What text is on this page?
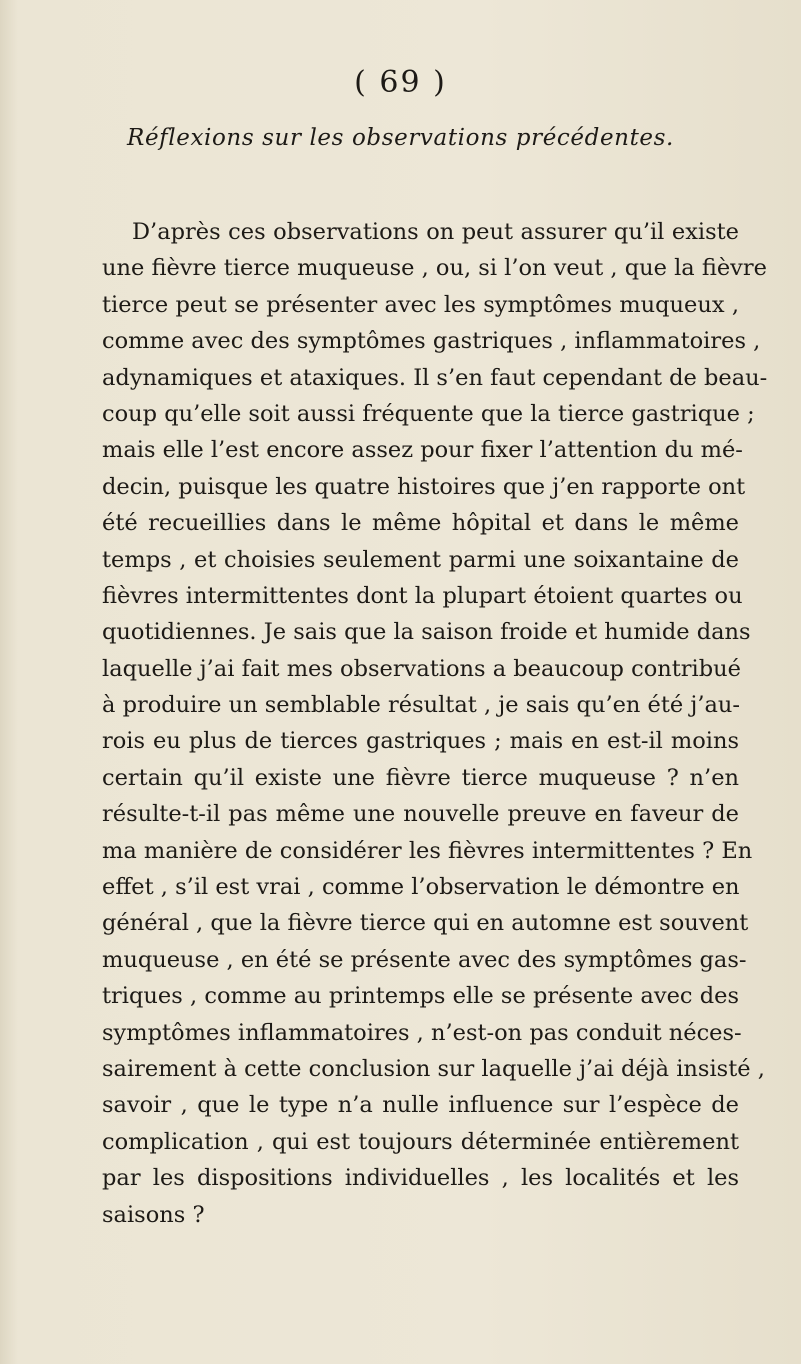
( 69 )
Réflexions sur les observations précédentes.
D’après ces observations on peut assurer qu’il existe
une fièvre tierce muqueuse , ou, si l’on veut , que la fièvre
tierce peut se présenter avec les symptômes muqueux ,
comme avec des symptômes gastriques , inflammatoires ,
adynamiques et ataxiques. Il s’en faut cependant de beau-
coup qu’elle soit aussi fréquente que la tierce gastrique ;
mais elle l’est encore assez pour fixer l’attention du mé-
decin, puisque les quatre histoires que j’en rapporte ont
été recueillies dans le même hôpital et dans le même
temps , et choisies seulement parmi une soixantaine de
fièvres intermittentes dont la plupart étoient quartes ou
quotidiennes. Je sais que la saison froide et humide dans
laquelle j’ai fait mes observations a beaucoup contribué
à produire un semblable résultat , je sais qu’en été j’au-
rois eu plus de tierces gastriques ; mais en est-il moins
certain qu’il existe une fièvre tierce muqueuse ? n’en
résulte-t-il pas même une nouvelle preuve en faveur de
ma manière de considérer les fièvres intermittentes ? En
effet , s’il est vrai , comme l’observation le démontre en
général , que la fièvre tierce qui en automne est souvent
muqueuse , en été se présente avec des symptômes gas-
triques , comme au printemps elle se présente avec des
symptômes inflammatoires , n’est-on pas conduit néces-
sairement à cette conclusion sur laquelle j’ai déjà insisté ,
savoir , que le type n’a nulle influence sur l’espèce de
complication , qui est toujours déterminée entièrement
par les dispositions individuelles , les localités et les
saisons ?
